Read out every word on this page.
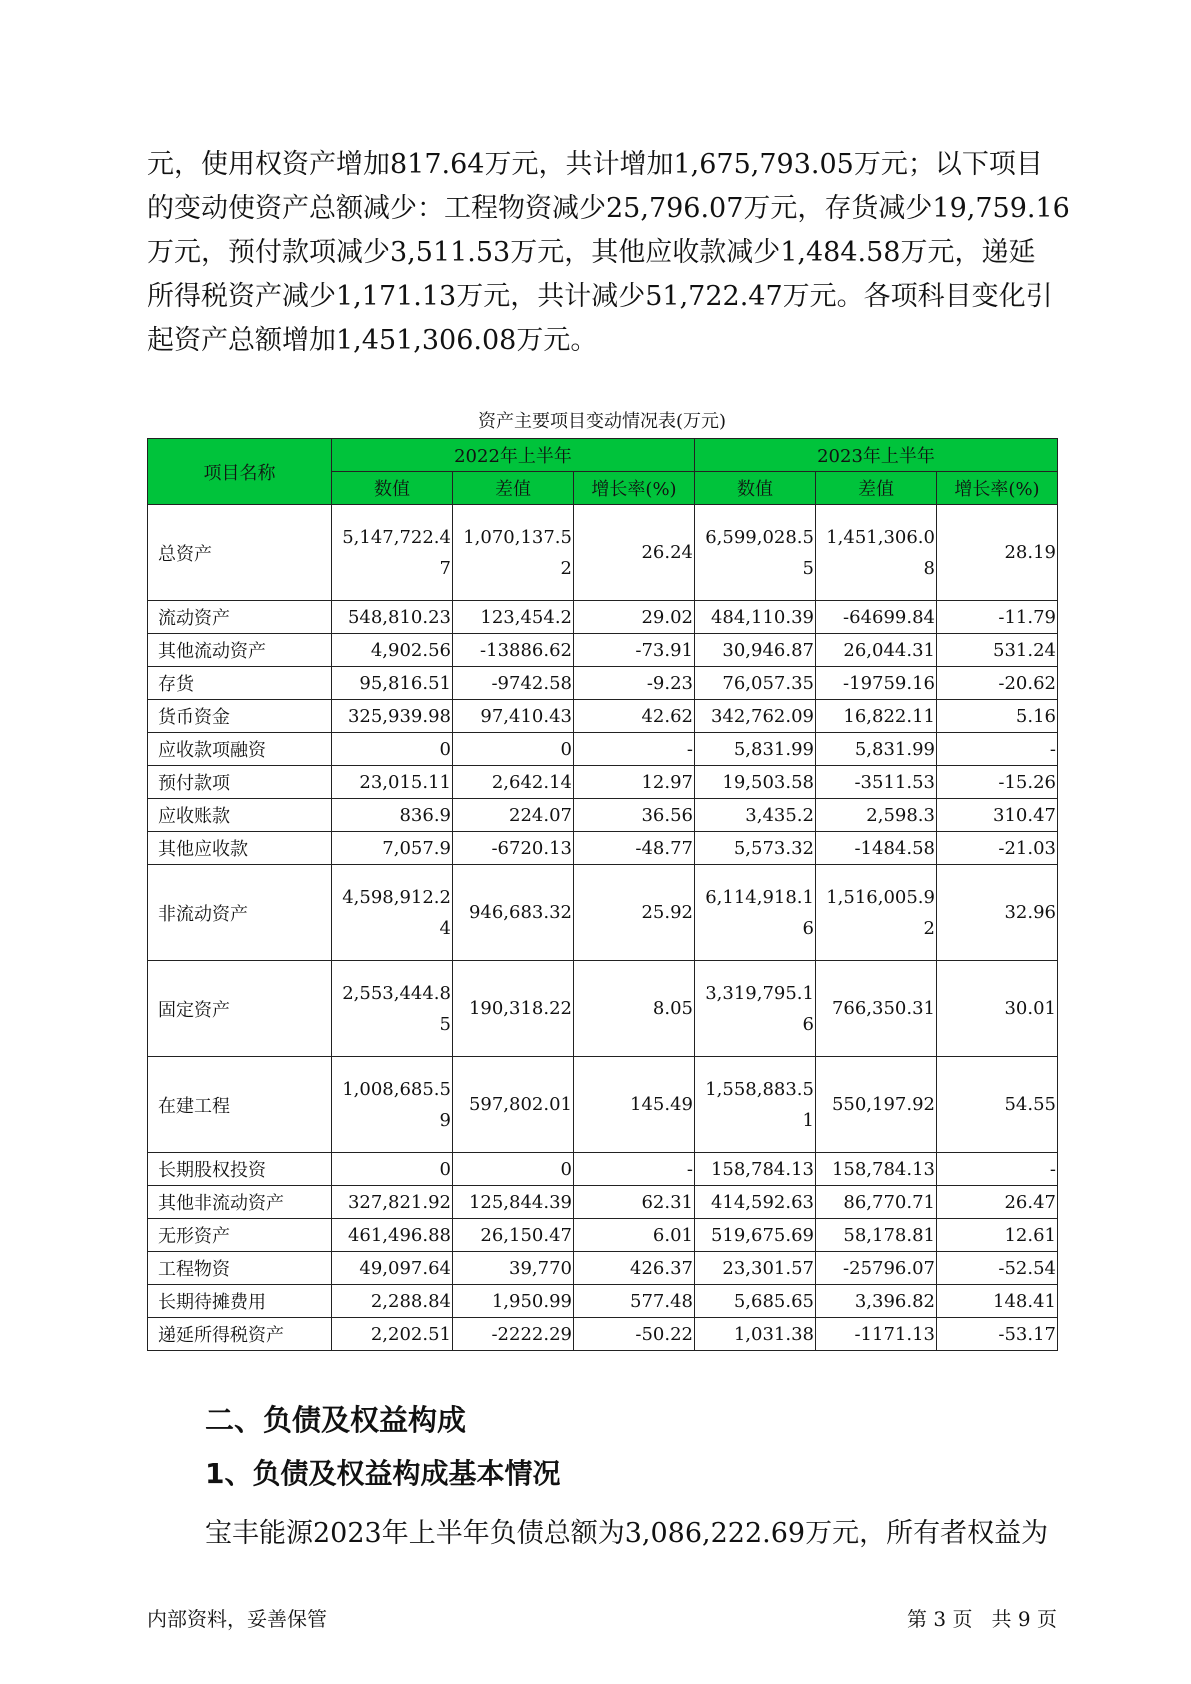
元，使用权资产增加817.64万元，共计增加1,675,793.05万元；以下项目
的变动使资产总额减少：工程物资减少25,796.07万元，存货减少19,759.16
万元，预付款项减少3,511.53万元，其他应收款减少1,484.58万元，递延
所得税资产减少1,171.13万元，共计减少51,722.47万元。各项科目变化引
起资产总额增加1,451,306.08万元。

资产主要项目变动情况表(万元)
项目名称	2022年上半年			2023年上半年		
	数值	差值	增长率(%)	数值	差值	增长率(%)
总资产	5,147,722.47	1,070,137.52	26.24	6,599,028.55	1,451,306.08	28.19
流动资产	548,810.23	123,454.2	29.02	484,110.39	-64699.84	-11.79
其他流动资产	4,902.56	-13886.62	-73.91	30,946.87	26,044.31	531.24
存货	95,816.51	-9742.58	-9.23	76,057.35	-19759.16	-20.62
货币资金	325,939.98	97,410.43	42.62	342,762.09	16,822.11	5.16
应收款项融资	0	0	-	5,831.99	5,831.99	-
预付款项	23,015.11	2,642.14	12.97	19,503.58	-3511.53	-15.26
应收账款	836.9	224.07	36.56	3,435.2	2,598.3	310.47
其他应收款	7,057.9	-6720.13	-48.77	5,573.32	-1484.58	-21.03
非流动资产	4,598,912.24	946,683.32	25.92	6,114,918.16	1,516,005.92	32.96
固定资产	2,553,444.85	190,318.22	8.05	3,319,795.16	766,350.31	30.01
在建工程	1,008,685.59	597,802.01	145.49	1,558,883.51	550,197.92	54.55
长期股权投资	0	0	-	158,784.13	158,784.13	-
其他非流动资产	327,821.92	125,844.39	62.31	414,592.63	86,770.71	26.47
无形资产	461,496.88	26,150.47	6.01	519,675.69	58,178.81	12.61
工程物资	49,097.64	39,770	426.37	23,301.57	-25796.07	-52.54
长期待摊费用	2,288.84	1,950.99	577.48	5,685.65	3,396.82	148.41
递延所得税资产	2,202.51	-2222.29	-50.22	1,031.38	-1171.13	-53.17
二、负债及权益构成
1、负债及权益构成基本情况

宝丰能源2023年上半年负债总额为3,086,222.69万元，所有者权益为

内部资料，妥善保管	第 3 页   共 9 页
